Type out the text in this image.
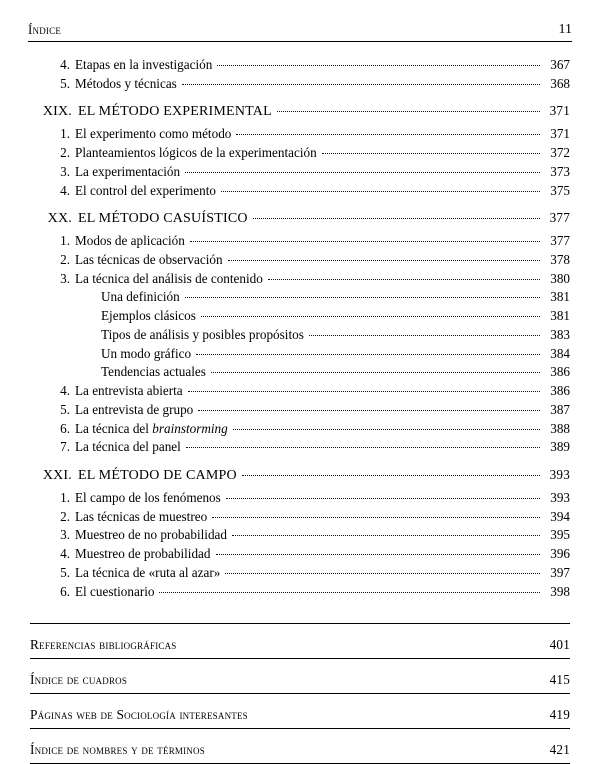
Índice	11
4. Etapas en la investigación	367
5. Métodos y técnicas	368
XIX. EL MÉTODO EXPERIMENTAL	371
1. El experimento como método	371
2. Planteamientos lógicos de la experimentación	372
3. La experimentación	373
4. El control del experimento	375
XX. EL MÉTODO CASUÍSTICO	377
1. Modos de aplicación	377
2. Las técnicas de observación	378
3. La técnica del análisis de contenido	380
Una definición	381
Ejemplos clásicos	381
Tipos de análisis y posibles propósitos	383
Un modo gráfico	384
Tendencias actuales	386
4. La entrevista abierta	386
5. La entrevista de grupo	387
6. La técnica del brainstorming	388
7. La técnica del panel	389
XXI. EL MÉTODO DE CAMPO	393
1. El campo de los fenómenos	393
2. Las técnicas de muestreo	394
3. Muestreo de no probabilidad	395
4. Muestreo de probabilidad	396
5. La técnica de «ruta al azar»	397
6. El cuestionario	398
Referencias bibliográficas	401
Índice de cuadros	415
Páginas web de Sociología interesantes	419
Índice de nombres y de términos	421
